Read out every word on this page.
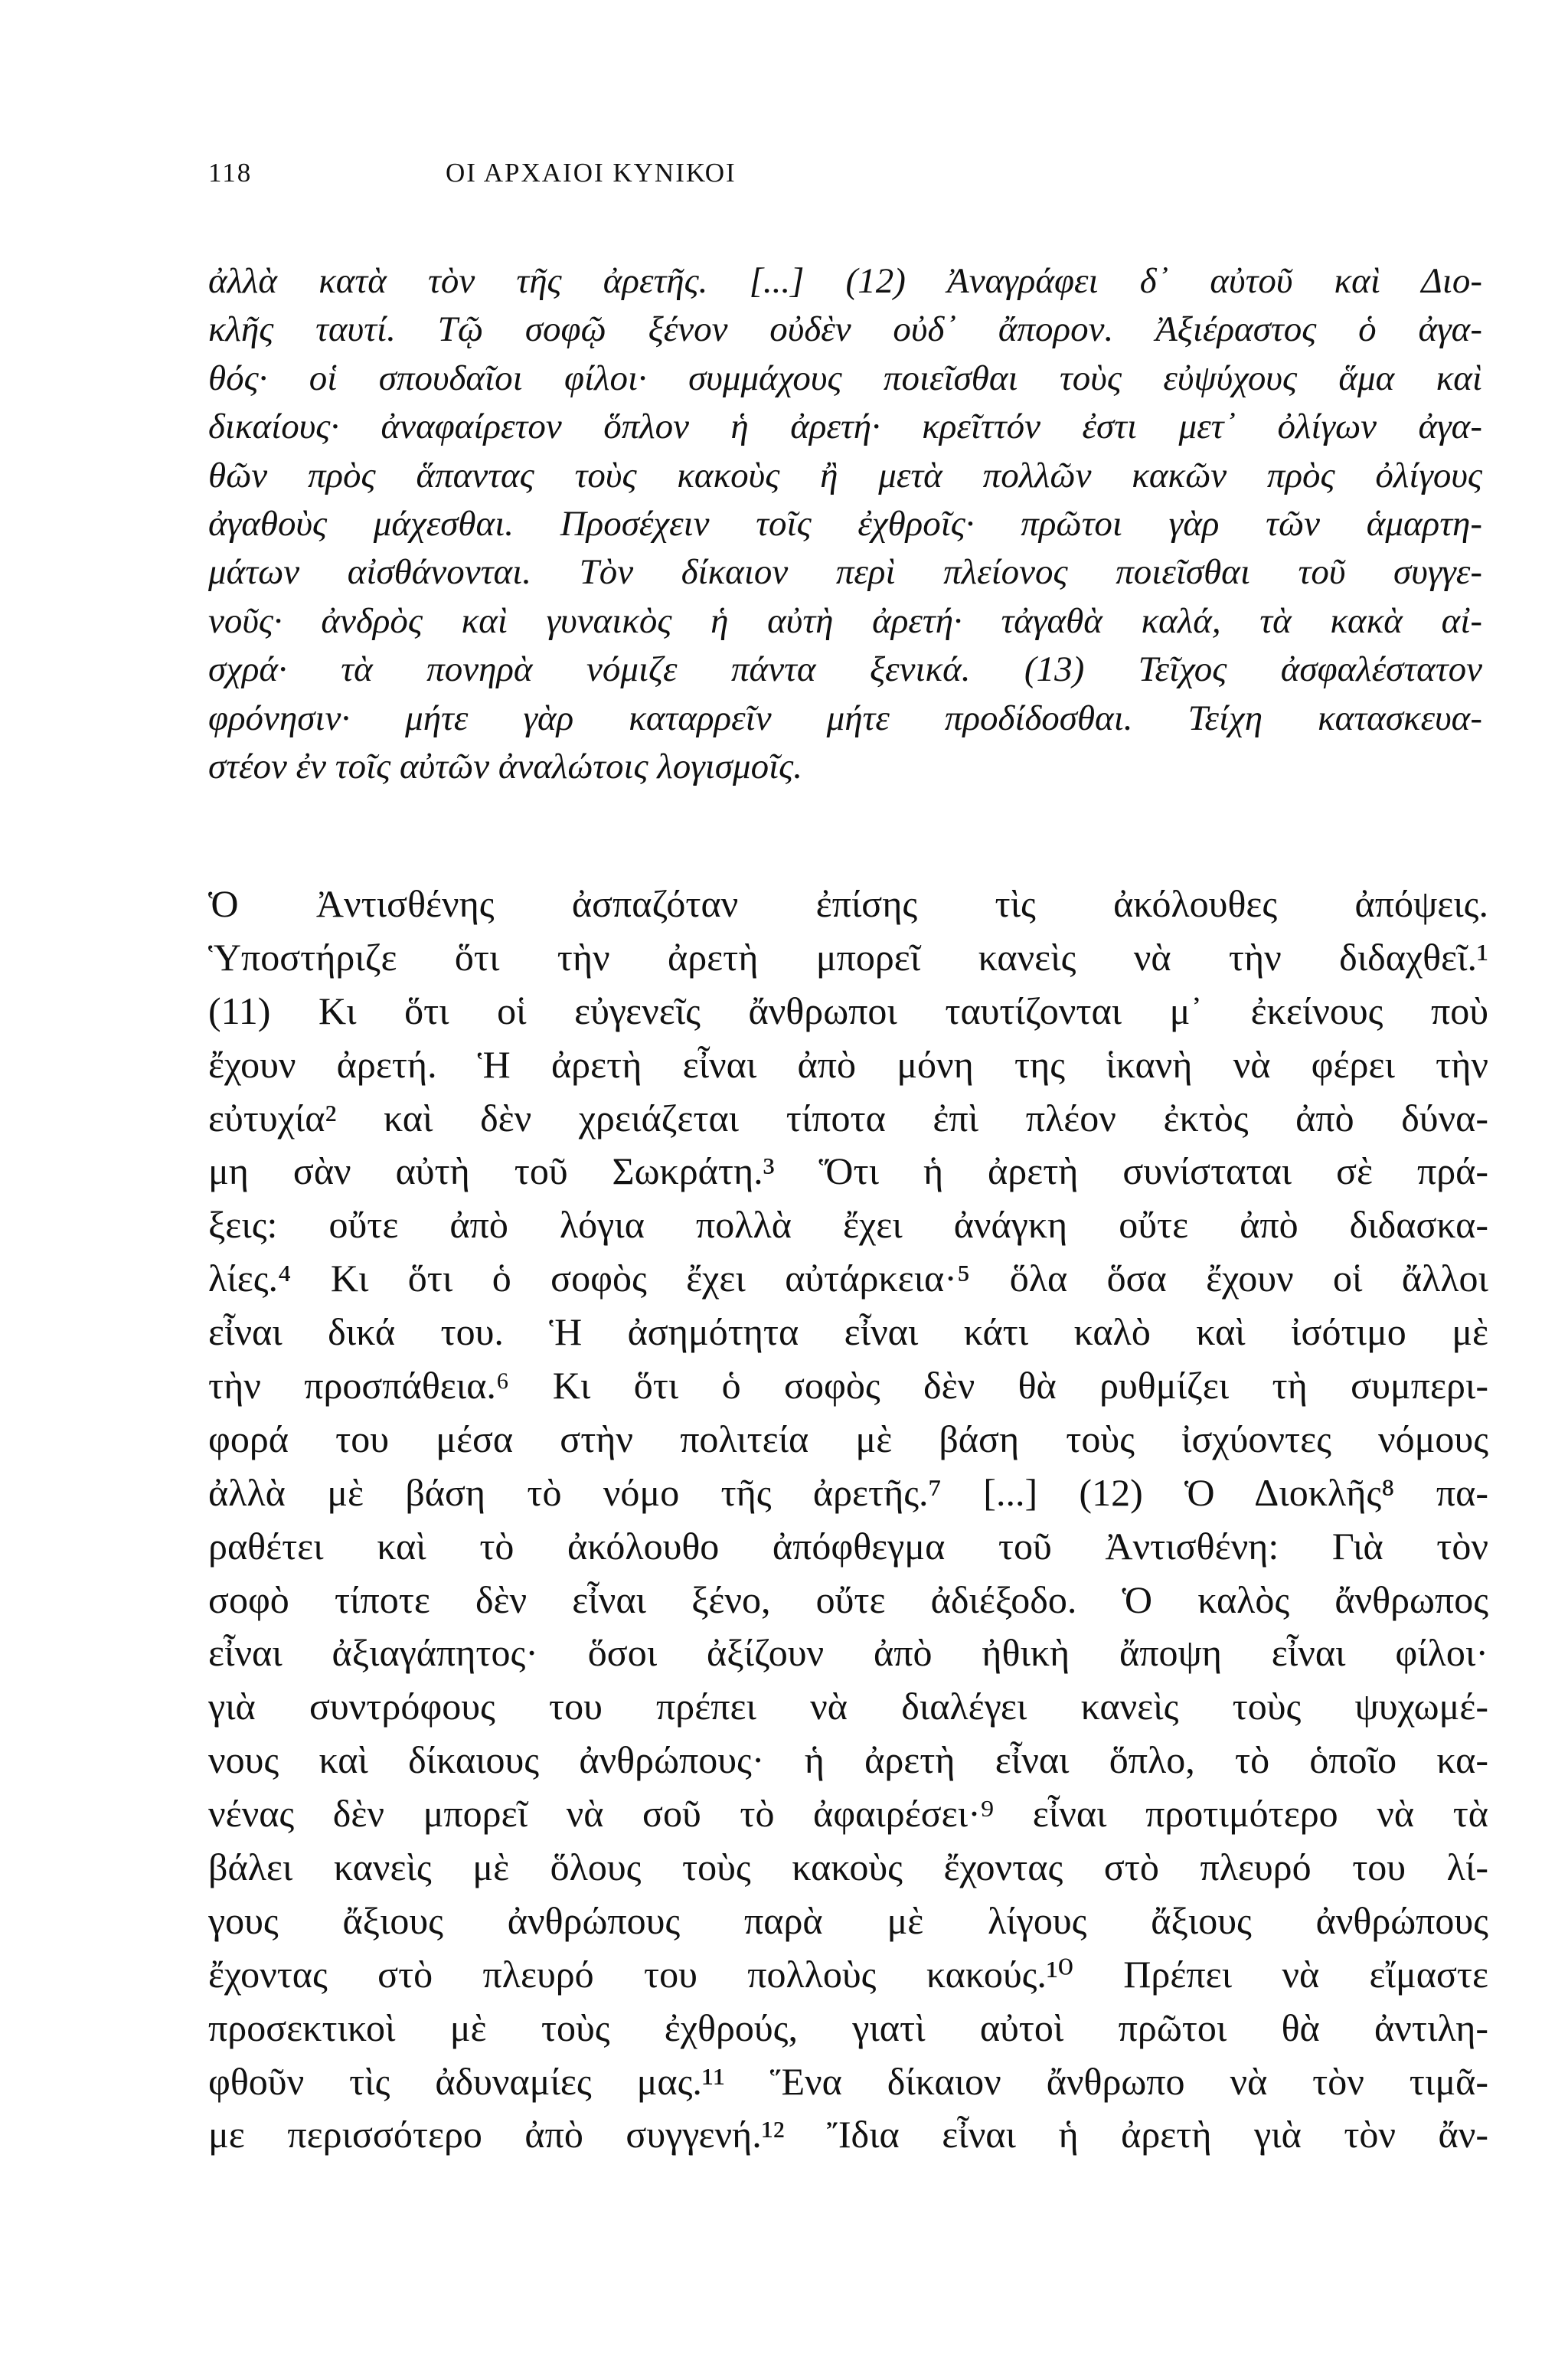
118	ΟΙ ΑΡΧΑΙΟΙ ΚΥΝΙΚΟΙ
ἀλλὰ κατὰ τὸν τῆς ἀρετῆς. [...] (12) Ἀναγράφει δ᾽ αὐτοῦ καὶ Διο-
κλῆς ταυτί. Τῷ σοφῷ ξένον οὐδὲν οὐδ᾽ ἄπορον. Ἀξιέραστος ὁ ἀγα-
θός· οἱ σπουδαῖοι φίλοι· συμμάχους ποιεῖσθαι τοὺς εὐψύχους ἅμα καὶ
δικαίους· ἀναφαίρετον ὅπλον ἡ ἀρετή· κρεῖττόν ἐστι μετ᾽ ὀλίγων ἀγα-
θῶν πρὸς ἅπαντας τοὺς κακοὺς ἢ μετὰ πολλῶν κακῶν πρὸς ὀλίγους
ἀγαθοὺς μάχεσθαι. Προσέχειν τοῖς ἐχθροῖς· πρῶτοι γὰρ τῶν ἁμαρτη-
μάτων αἰσθάνονται. Τὸν δίκαιον περὶ πλείονος ποιεῖσθαι τοῦ συγγε-
νοῦς· ἀνδρὸς καὶ γυναικὸς ἡ αὐτὴ ἀρετή· τἀγαθὰ καλά, τὰ κακὰ αἰ-
σχρά· τὰ πονηρὰ νόμιζε πάντα ξενικά. (13) Τεῖχος ἀσφαλέστατον
φρόνησιν· μήτε γὰρ καταρρεῖν μήτε προδίδοσθαι. Τείχη κατασκευα-
στέον ἐν τοῖς αὐτῶν ἀναλώτοις λογισμοῖς.
Ὁ Ἀντισθένης ἀσπαζόταν ἐπίσης τὶς ἀκόλουθες ἀπόψεις.
Ὑποστήριζε ὅτι τὴν ἀρετὴ μπορεῖ κανεὶς νὰ τὴν διδαχθεῖ.¹
(11) Κι ὅτι οἱ εὐγενεῖς ἄνθρωποι ταυτίζονται μ᾽ ἐκείνους ποὺ
ἔχουν ἀρετή. Ἡ ἀρετὴ εἶναι ἀπὸ μόνη της ἱκανὴ νὰ φέρει τὴν
εὐτυχία² καὶ δὲν χρειάζεται τίποτα ἐπὶ πλέον ἐκτὸς ἀπὸ δύνα-
μη σὰν αὐτὴ τοῦ Σωκράτη.³ Ὅτι ἡ ἀρετὴ συνίσταται σὲ πρά-
ξεις: οὔτε ἀπὸ λόγια πολλὰ ἔχει ἀνάγκη οὔτε ἀπὸ διδασκα-
λίες.⁴ Κι ὅτι ὁ σοφὸς ἔχει αὐτάρκεια·⁵ ὅλα ὅσα ἔχουν οἱ ἄλλοι
εἶναι δικά του. Ἡ ἀσημότητα εἶναι κάτι καλὸ καὶ ἰσότιμο μὲ
τὴν προσπάθεια.⁶ Κι ὅτι ὁ σοφὸς δὲν θὰ ρυθμίζει τὴ συμπερι-
φορά του μέσα στὴν πολιτεία μὲ βάση τοὺς ἰσχύοντες νόμους
ἀλλὰ μὲ βάση τὸ νόμο τῆς ἀρετῆς.⁷ [...] (12) Ὁ Διοκλῆς⁸ πα-
ραθέτει καὶ τὸ ἀκόλουθο ἀπόφθεγμα τοῦ Ἀντισθένη: Γιὰ τὸν
σοφὸ τίποτε δὲν εἶναι ξένο, οὔτε ἀδιέξοδο. Ὁ καλὸς ἄνθρωπος
εἶναι ἀξιαγάπητος· ὅσοι ἀξίζουν ἀπὸ ἠθικὴ ἄποψη εἶναι φίλοι·
γιὰ συντρόφους του πρέπει νὰ διαλέγει κανεὶς τοὺς ψυχωμέ-
νους καὶ δίκαιους ἀνθρώπους· ἡ ἀρετὴ εἶναι ὅπλο, τὸ ὁποῖο κα-
νένας δὲν μπορεῖ νὰ σοῦ τὸ ἀφαιρέσει·⁹ εἶναι προτιμότερο νὰ τὰ
βάλει κανεὶς μὲ ὅλους τοὺς κακοὺς ἔχοντας στὸ πλευρό του λί-
γους ἄξιους ἀνθρώπους παρὰ μὲ λίγους ἄξιους ἀνθρώπους
ἔχοντας στὸ πλευρό του πολλοὺς κακούς.¹⁰ Πρέπει νὰ εἴμαστε
προσεκτικοὶ μὲ τοὺς ἐχθρούς, γιατὶ αὐτοὶ πρῶτοι θὰ ἀντιλη-
φθοῦν τὶς ἀδυναμίες μας.¹¹ Ἕνα δίκαιον ἄνθρωπο νὰ τὸν τιμᾶ-
με περισσότερο ἀπὸ συγγενή.¹² Ἴδια εἶναι ἡ ἀρετὴ γιὰ τὸν ἄν-
